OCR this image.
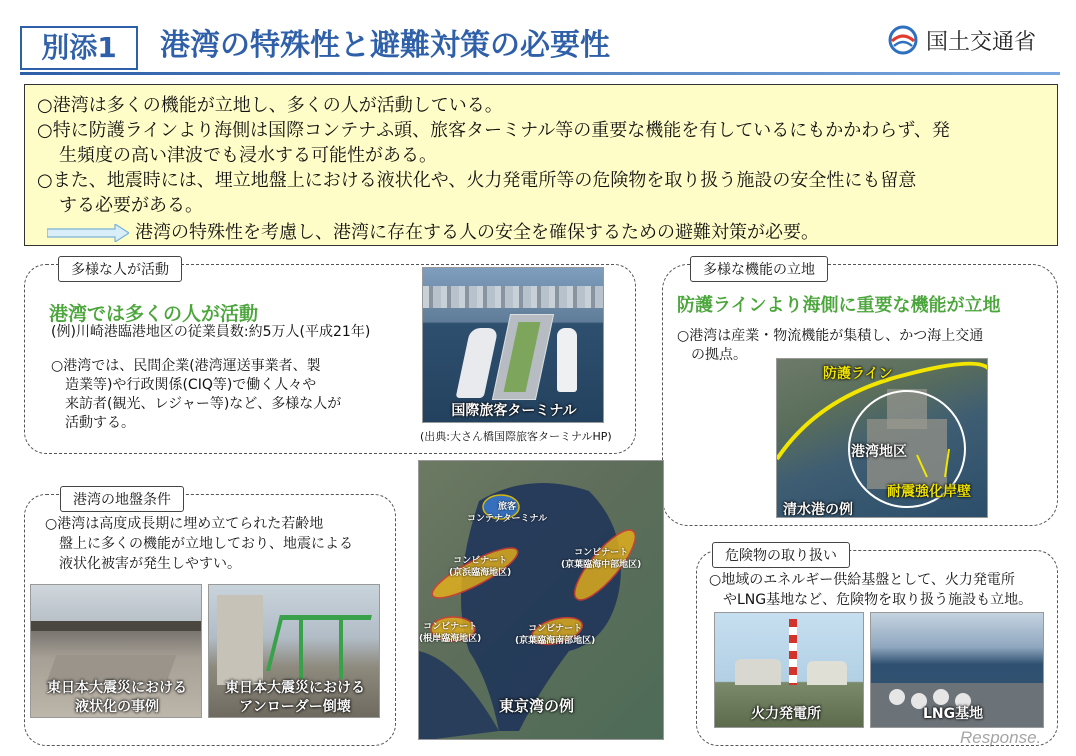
別添1	港湾の特殊性と避難対策の必要性	国土交通省

○港湾は多くの機能が立地し、多くの人が活動している。

○特に防護ラインより海側は国際コンテナふ頭、旅客ターミナル等の重要な機能を有しているにもかかわらず、発

生頻度の高い津波でも浸水する可能性がある。

○また、地震時には、埋立地盤上における液状化や、火力発電所等の危険物を取り扱う施設の安全性にも留意

する必要がある。

港湾の特殊性を考慮し、港湾に存在する人の安全を確保するための避難対策が必要。

港湾では多くの人が活動
(例)川崎港臨港地区の従業員数:約5万人(平成21年)
○港湾では、民間企業(港湾運送事業者、製
造業等)や行政関係(CIQ等)で働く人々や
来訪者(観光、レジャー等)など、多様な人が
活動する。
多様な人が活動
国際旅客ターミナル
(出典:大さん橋国際旅客ターミナルHP)
防護ラインより海側に重要な機能が立地
○港湾は産業・物流機能が集積し、かつ海上交通
の拠点。
多様な機能の立地
防護ライン
港湾地区
耐震強化岸壁
清水港の例
○港湾は高度成長期に埋め立てられた若齢地
盤上に多くの機能が立地しており、地震による
液状化被害が発生しやすい。
港湾の地盤条件
東日本大震災における
液状化の事例
東日本大震災における
アンローダー倒壊
旅客
コンテナターミナル
コンビナート
(京浜臨海地区)
コンビナート
(京葉臨海中部地区)
コンビナート
(根岸臨海地区)
コンビナート
(京葉臨海南部地区)
東京湾の例
○地域のエネルギー供給基盤として、火力発電所
やLNG基地など、危険物を取り扱う施設も立地。
危険物の取り扱い
火力発電所	LNG基地
Response.
